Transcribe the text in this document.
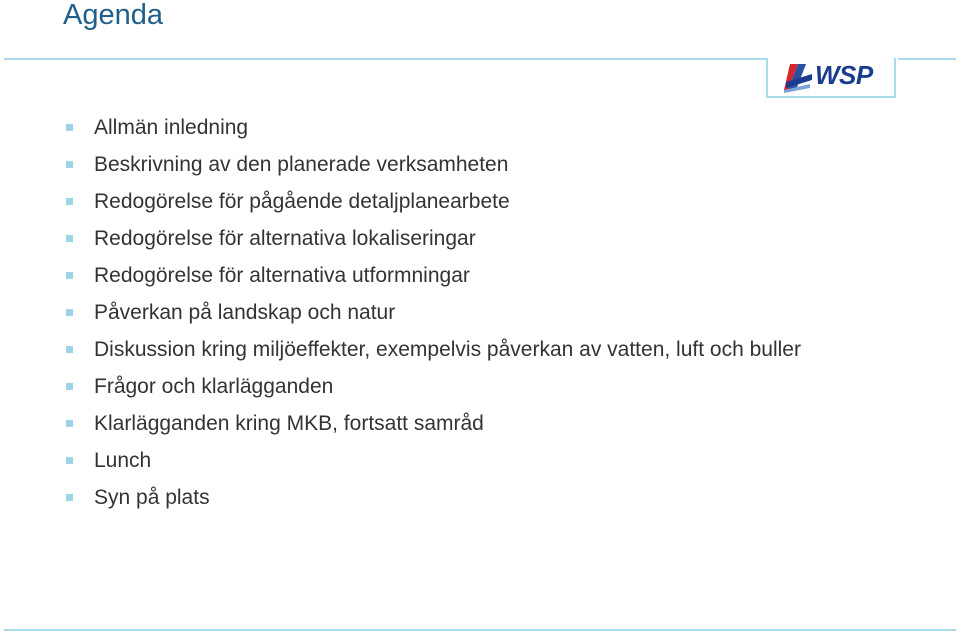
Agenda
WSP
Allmän inledning
Beskrivning av den planerade verksamheten
Redogörelse för pågående detaljplanearbete
Redogörelse för alternativa lokaliseringar
Redogörelse för alternativa utformningar
Påverkan på landskap och natur
Diskussion kring miljöeffekter, exempelvis påverkan av vatten, luft och buller
Frågor och klarlägganden
Klarlägganden kring MKB, fortsatt samråd
Lunch
Syn på plats
